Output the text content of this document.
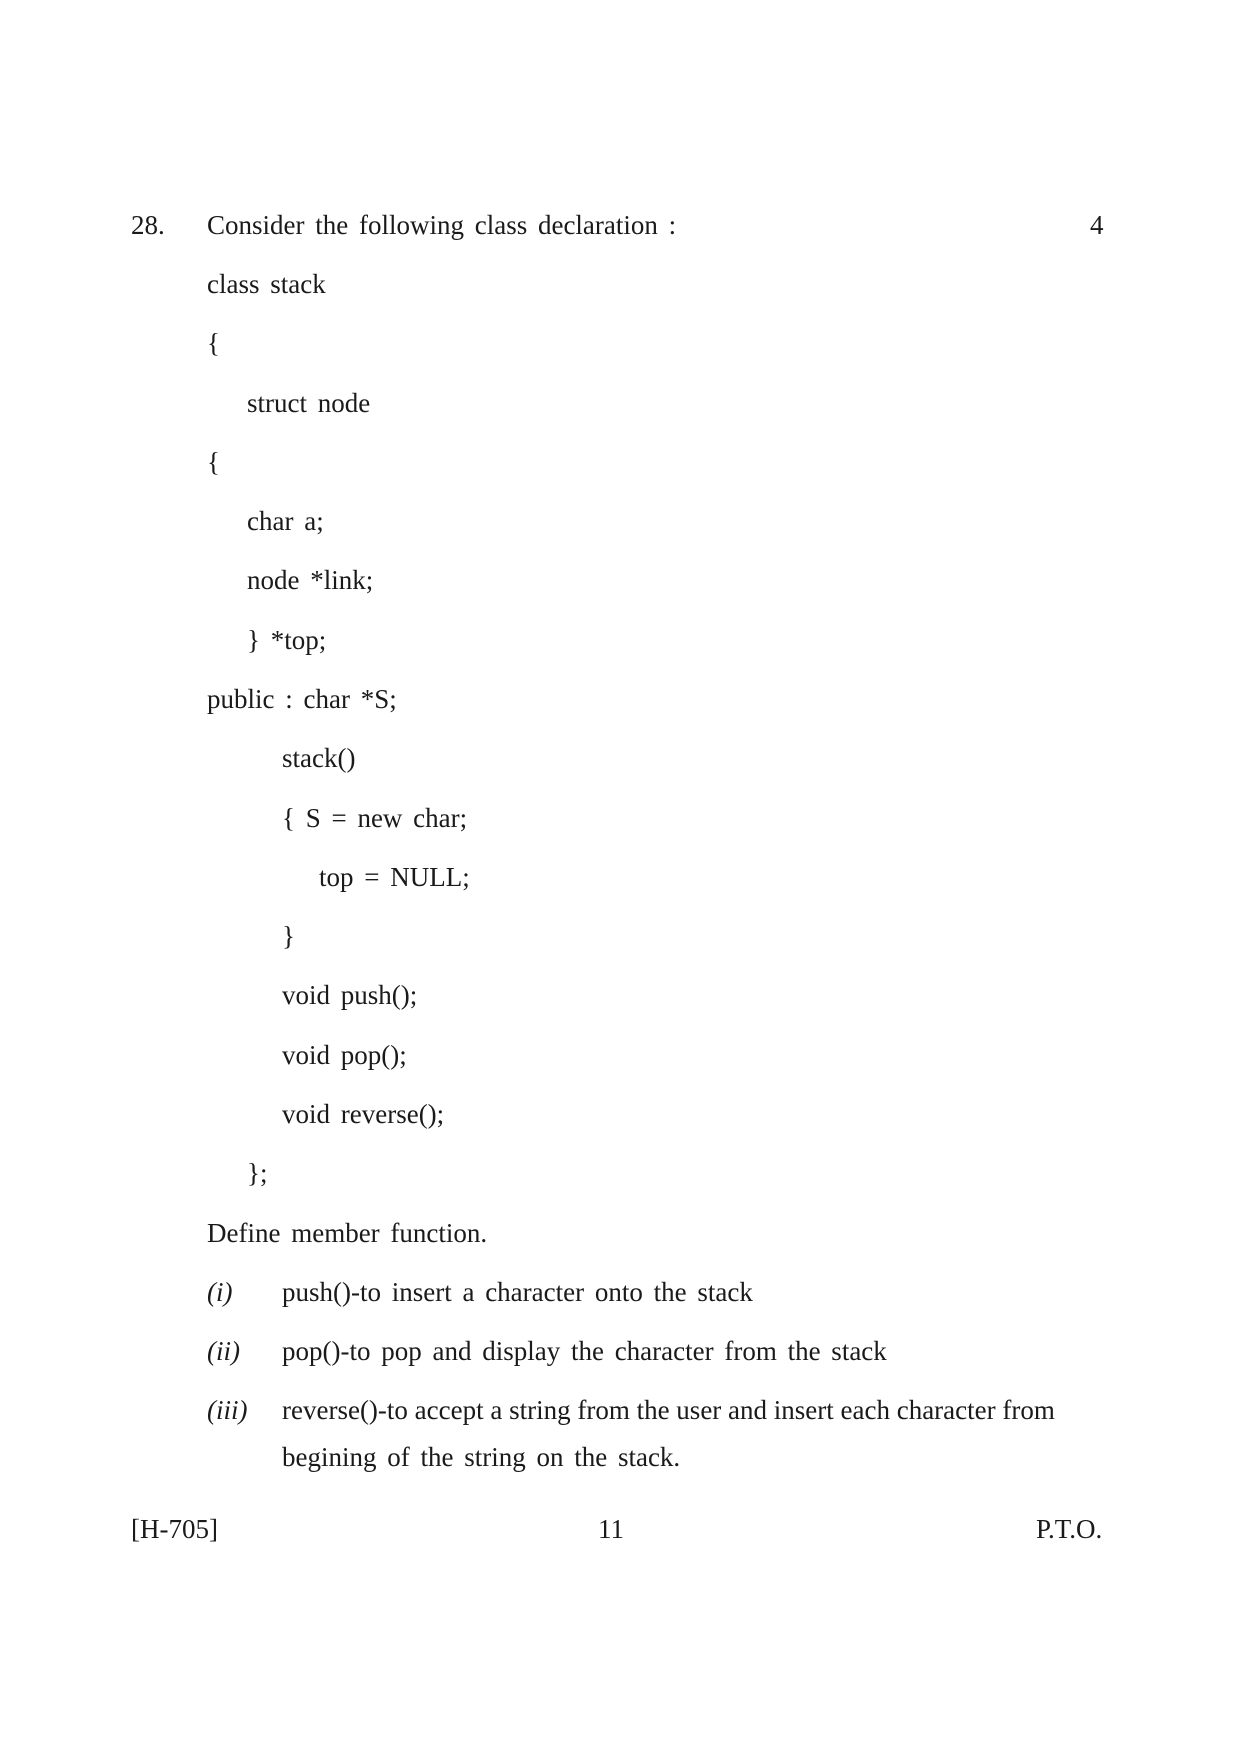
28. Consider the following class declaration :	4
class stack
{
struct node
{
char a;
node *link;
} *top;
public : char *S;
stack()
{ S = new char;
top = NULL;
}
void push();
void pop();
void reverse();
};
Define member function.
(i) push()-to insert a character onto the stack
(ii) pop()-to pop and display the character from the stack
(iii) reverse()-to accept a string from the user and insert each character from
begining of the string on the stack.
[H-705]	11	P.T.O.
